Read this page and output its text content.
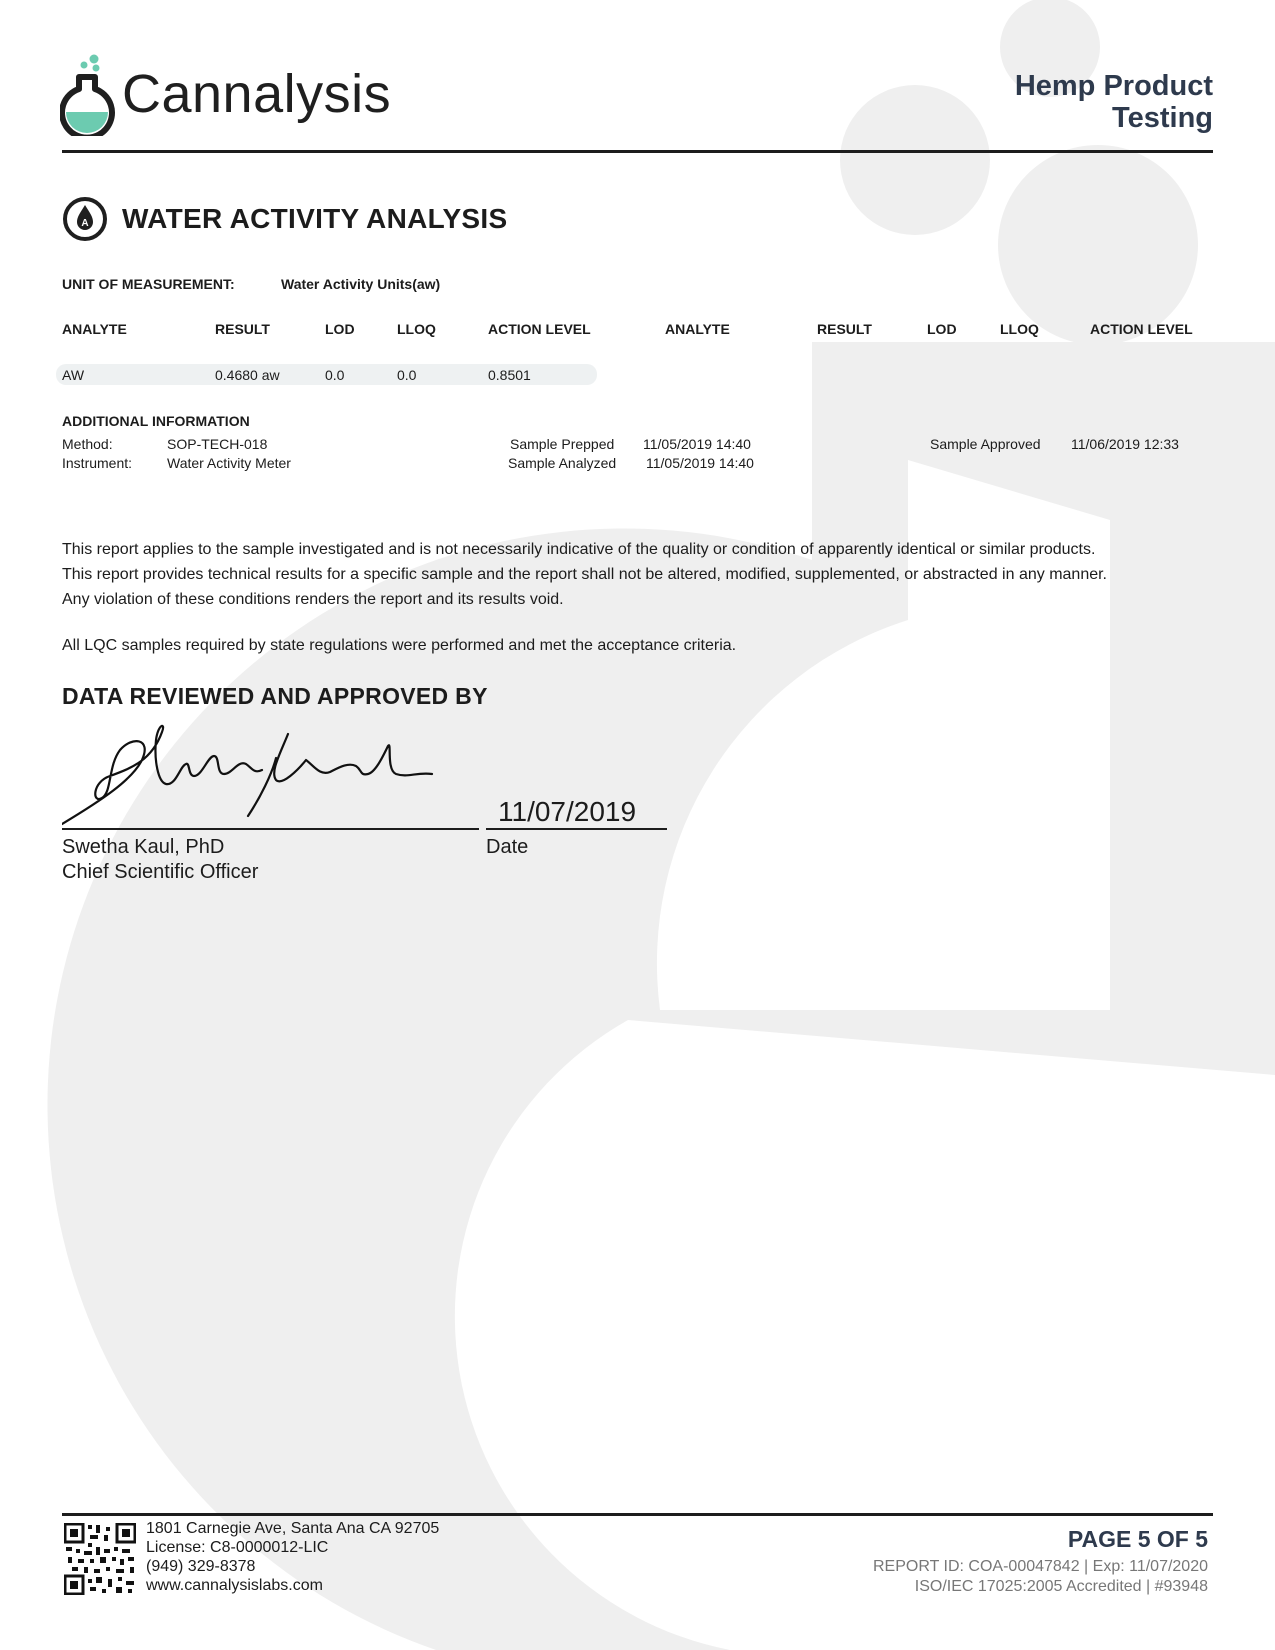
Cannalysis	Hemp Product
Testing
A WATER ACTIVITY ANALYSIS
UNIT OF MEASUREMENT:	Water Activity Units(aw)
ANALYTE	RESULT	LOD	LLOQ	ACTION LEVEL	ANALYTE	RESULT	LOD	LLOQ	ACTION LEVEL
AW	0.4680 aw	0.0	0.0	0.8501
ADDITIONAL INFORMATION
Method:	SOP-TECH-018
Instrument: Water Activity Meter
Sample Prepped 11/05/2019 14:40
Sample Analyzed 11/05/2019 14:40
Sample Approved 11/06/2019 12:33

This report applies to the sample investigated and is not necessarily indicative of the quality or condition of apparently identical or similar products.

This report provides technical results for a specific sample and the report shall not be altered, modified, supplemented, or abstracted in any manner.

Any violation of these conditions renders the report and its results void.

All LQC samples required by state regulations were performed and met the acceptance criteria.
DATA REVIEWED AND APPROVED BY
11/07/2019
Swetha Kaul, PhD
Chief Scientific Officer
Date
1801 Carnegie Ave, Santa Ana CA 92705
License: C8-0000012-LIC
(949) 329-8378
www.cannalysislabs.com
PAGE 5 OF 5
REPORT ID: COA-00047842 | Exp: 11/07/2020
ISO/IEC 17025:2005 Accredited | #93948
